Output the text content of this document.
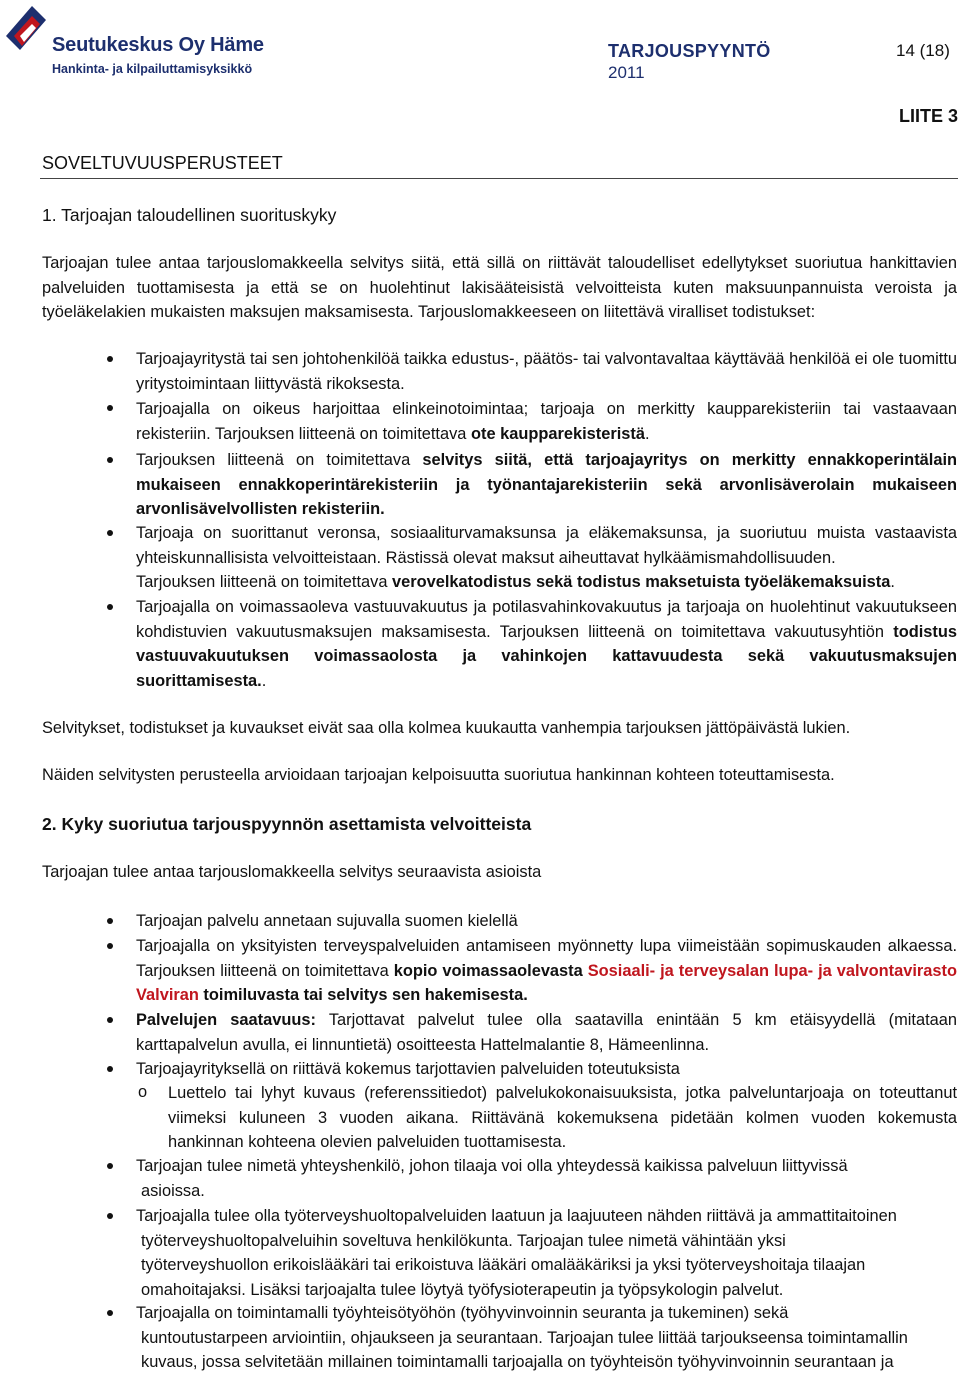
Seutukeskus Oy Häme
Hankinta- ja kilpailuttamisyksikkö
TARJOUSPYYNTÖ
2011
14 (18)
LIITE 3
SOVELTUVUUSPERUSTEET
1. Tarjoajan taloudellinen suorituskyky
Tarjoajan tulee antaa tarjouslomakkeella selvitys siitä, että sillä on riittävät taloudelliset edellytykset suoriutua hankittavien palveluiden tuottamisesta ja että se on huolehtinut lakisääteisistä velvoitteista kuten maksuunpannuista veroista ja työeläkelakien mukaisten maksujen maksamisesta. Tarjouslomakkeeseen on liitettävä viralliset todistukset:
Tarjoajayritystä tai sen johtohenkilöä taikka edustus-, päätös- tai valvontavaltaa käyttävää henkilöä ei ole tuomittu yritystoimintaan liittyvästä rikoksesta.
Tarjoajalla on oikeus harjoittaa elinkeinotoimintaa; tarjoaja on merkitty kaupparekisteriin tai vastaavaan rekisteriin. Tarjouksen liitteenä on toimitettava ote kaupparekisteristä.
Tarjouksen liitteenä on toimitettava selvitys siitä, että tarjoajayritys on merkitty ennakkoperintälain mukaiseen ennakkoperintärekisteriin ja työnantajarekisteriin sekä arvonlisäverolain mukaiseen arvonlisävelvollisten rekisteriin.
Tarjoaja on suorittanut veronsa, sosiaaliturvamaksunsa ja eläkemaksunsa, ja suoriutuu muista vastaavista yhteiskunnallisista velvoitteistaan. Rästissä olevat maksut aiheuttavat hylkäämismahdollisuuden.
Tarjouksen liitteenä on toimitettava verovelkatodistus sekä todistus maksetuista työeläkemaksuista.
Tarjoajalla on voimassaoleva vastuuvakuutus ja potilasvahinkovakuutus ja tarjoaja on huolehtinut vakuutukseen kohdistuvien vakuutusmaksujen maksamisesta. Tarjouksen liitteenä on toimitettava vakuutusyhtiön todistus vastuuvakuutuksen voimassaolosta ja vahinkojen kattavuudesta sekä vakuutusmaksujen suorittamisesta..
Selvitykset, todistukset ja kuvaukset eivät saa olla kolmea kuukautta vanhempia tarjouksen jättöpäivästä lukien.
Näiden selvitysten perusteella arvioidaan tarjoajan kelpoisuutta suoriutua hankinnan kohteen toteuttamisesta.
2. Kyky suoriutua tarjouspyynnön asettamista velvoitteista
Tarjoajan tulee antaa tarjouslomakkeella selvitys seuraavista asioista
Tarjoajan palvelu annetaan sujuvalla suomen kielellä
Tarjoajalla on yksityisten terveyspalveluiden antamiseen myönnetty lupa viimeistään sopimuskauden alkaessa. Tarjouksen liitteenä on toimitettava kopio voimassaolevasta Sosiaali- ja terveysalan lupa- ja valvontavirasto Valviran toimiluvasta tai selvitys sen hakemisesta.
Palvelujen saatavuus: Tarjottavat palvelut tulee olla saatavilla enintään 5 km etäisyydellä (mitataan karttapalvelun avulla, ei linnuntietä) osoitteesta Hattelmalantie 8, Hämeenlinna.
Tarjoajayrityksellä on riittävä kokemus tarjottavien palveluiden toteutuksista
o Luettelo tai lyhyt kuvaus (referenssitiedot) palvelukokonaisuuksista, jotka palveluntarjoaja on toteuttanut viimeksi kuluneen 3 vuoden aikana. Riittävänä kokemuksena pidetään kolmen vuoden kokemusta hankinnan kohteena olevien palveluiden tuottamisesta.
Tarjoajan tulee nimetä yhteyshenkilö, johon tilaaja voi olla yhteydessä kaikissa palveluun liittyvissä
asioissa.
Tarjoajalla tulee olla työterveyshuoltopalveluiden laatuun ja laajuuteen nähden riittävä ja ammattitaitoinen
työterveyshuoltopalveluihin soveltuva henkilökunta. Tarjoajan tulee nimetä vähintään yksi
työterveyshuollon erikoislääkäri tai erikoistuva lääkäri omalääkäriksi ja yksi työterveyshoitaja tilaajan
omahoitajaksi. Lisäksi tarjoajalta tulee löytyä työfysioterapeutin ja työpsykologin palvelut.
Tarjoajalla on toimintamalli työyhteisötyöhön (työhyvinvoinnin seuranta ja tukeminen) sekä
kuntoutustarpeen arviointiin, ohjaukseen ja seurantaan. Tarjoajan tulee liittää tarjoukseensa toimintamallin
kuvaus, jossa selvitetään millainen toimintamalli tarjoajalla on työyhteisön työhyvinvoinnin seurantaan ja
